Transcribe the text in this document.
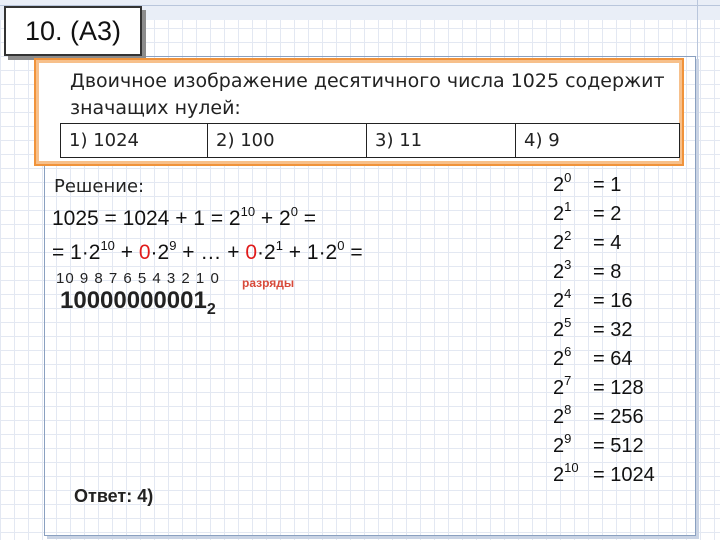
10. (А3)
Двоичное изображение десятичного числа 1025 содержит значащих нулей:
1) 1024	2) 100	3) 11	4) 9
Решение:
$1025 = 1024 + 1 = 2^{10} + 2^0$ =
= $1\cdot 2^{10} + 0\cdot 2^9$ + … + $0\cdot 2^1 + 1\cdot 2^0$ =
10 9 8 7 6 5 4 3 2 1 0 разряды
$10000000001_2$
Ответ: 4)
$2^0 = 1$
$2^1 = 2$
$2^2 = 4$
$2^3 = 8$
$2^4 = 16$
$2^5 = 32$
$2^6 = 64$
$2^7 = 128$
$2^8 = 256$
$2^9 = 512$
$2^{10} = 1024$
